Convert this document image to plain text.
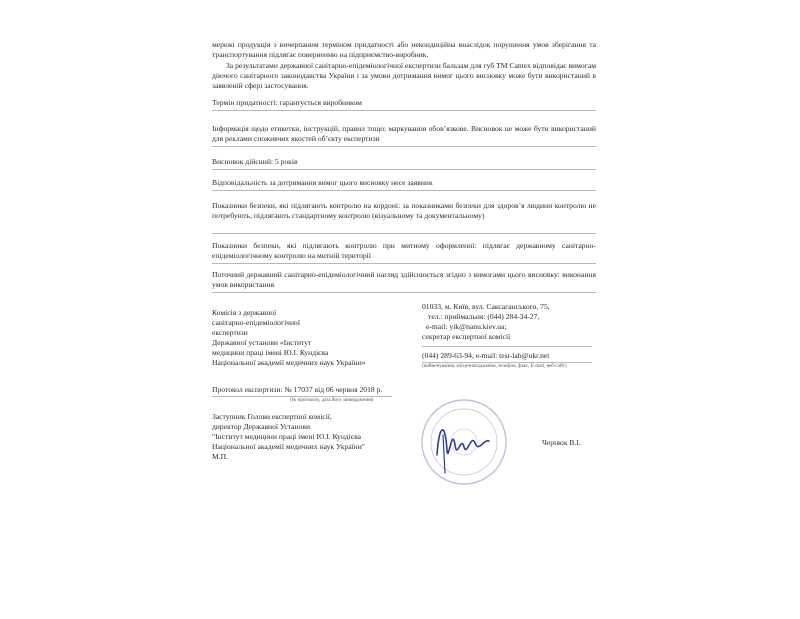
мережі продукція з вичерпаним терміном придатності або некондиційна внаслідок порушення умов зберігання та транспортування підлягає поверненню на підприємство-виробник.
За результатами державної санітарно-епідеміологічної експертизи бальзам для губ ТМ Cantex відповідає вимогам діючого санітарного законодавства України і за умови дотримання вимог цього висновку може бути використаний в заявленій сфері застосування.
Термін придатності: гарантується виробником
Інформація щодо етикетки, інструкцій, правил тощо: маркування обов’язкове. Висновок не може бути використаний для реклами споживчих якостей об’єкту експертизи
Висновок дійсний: 5 років
Відповідальність за дотримання вимог цього висновку несе заявник
Показники безпеки, які підлягають контролю на кордоні: за показниками безпеки для здоров’я людини контролю не потребують, підлягають стандартному контролю (візуальному та документальному)
Показники безпеки, які підлягають контролю при митному оформленні: підлягає державному санітарно-епідеміологічному контролю на митній території
Поточний державний санітарно-епідеміологічний нагляд здійснюється згідно з вимогами цього висновку: виконання умов використання
Комісія з державної
санітарно-епідеміологічної
експертизи
Державної установи «Інститут
медицини праці імені Ю.І. Кундієва
Національної академії медичних наук України»
01033, м. Київ, вул. Саксаганського, 75,
тел.: приймальня: (044) 284-34-27,
e-mail: yik@nanu.kiev.ua;
секретар експертної комісії
(044) 289-63-94, e-mail: test-lab@ukr.net
(найменування, місцезнаходження, телефон, факс, E-mail, веб-сайт)
Протокол експертизи: № 17037 від 06 червня 2018 р.
(№ протоколу, дата його затвердження)
Заступник Голови експертної комісії,
директор Державної Установи
"Інститут медицини праці імені Ю.І. Кундієва
Національної академії медичних наук України"
М.П.
Чернюк В.І.
